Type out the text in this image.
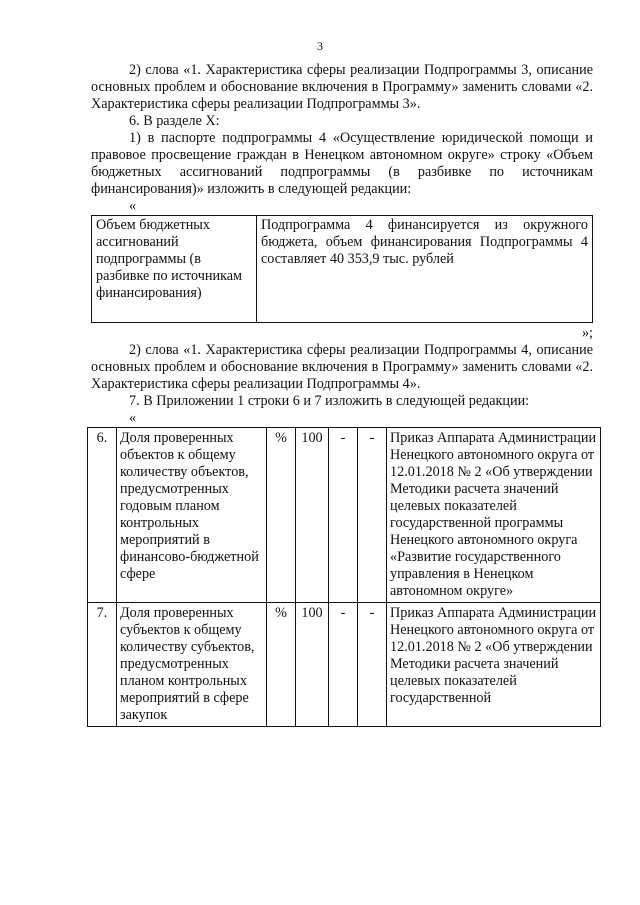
3

2) слова «1. Характеристика сферы реализации Подпрограммы 3, описание основных проблем и обоснование включения в Программу» заменить словами «2. Характеристика сферы реализации Подпрограммы 3».

6. В разделе X:

1) в паспорте подпрограммы 4 «Осуществление юридической помощи и правовое просвещение граждан в Ненецком автономном округе» строку «Объем бюджетных ассигнований подпрограммы (в разбивке по источникам финансирования)» изложить в следующей редакции:

«

Объем бюджетных ассигнований подпрограммы (в разбивке по источникам финансирования)	Подпрограмма 4 финансируется из окружного бюджета, объем финансирования Подпрограммы 4 составляет 40 353,9 тыс. рублей

»;

2) слова «1. Характеристика сферы реализации Подпрограммы 4, описание основных проблем и обоснование включения в Программу» заменить словами «2. Характеристика сферы реализации Подпрограммы 4».

7. В Приложении 1 строки 6 и 7 изложить в следующей редакции:

«

6.	Доля проверенных объектов к общему количеству объектов, предусмотренных годовым планом контрольных мероприятий в финансово-бюджетной сфере	%	100	-	-	Приказ Аппарата Администрации Ненецкого автономного округа от 12.01.2018 № 2 «Об утверждении Методики расчета значений целевых показателей государственной программы Ненецкого автономного округа «Развитие государственного управления в Ненецком автономном округе»
7.	Доля проверенных субъектов к общему количеству субъектов, предусмотренных планом контрольных мероприятий в сфере закупок	%	100	-	-	Приказ Аппарата Администрации Ненецкого автономного округа от 12.01.2018 № 2 «Об утверждении Методики расчета значений целевых показателей государственной
